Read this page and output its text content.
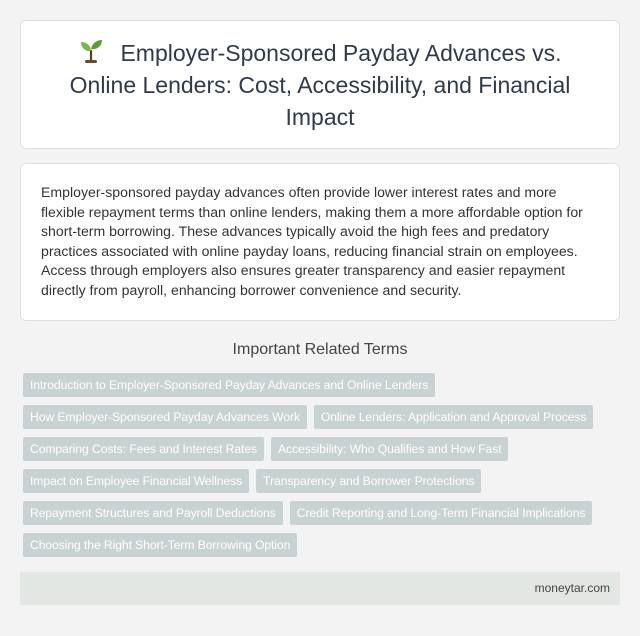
Employer-Sponsored Payday Advances vs. Online Lenders: Cost, Accessibility, and Financial Impact

Employer-sponsored payday advances often provide lower interest rates and more flexible repayment terms than online lenders, making them a more affordable option for short-term borrowing. These advances typically avoid the high fees and predatory practices associated with online payday loans, reducing financial strain on employees. Access through employers also ensures greater transparency and easier repayment directly from payroll, enhancing borrower convenience and security.

Important Related Terms
Introduction to Employer-Sponsored Payday Advances and Online Lenders
How Employer-Sponsored Payday Advances Work	Online Lenders: Application and Approval Process
Comparing Costs: Fees and Interest Rates	Accessibility: Who Qualifies and How Fast
Impact on Employee Financial Wellness	Transparency and Borrower Protections
Repayment Structures and Payroll Deductions	Credit Reporting and Long-Term Financial Implications
Choosing the Right Short-Term Borrowing Option
moneytar.com
